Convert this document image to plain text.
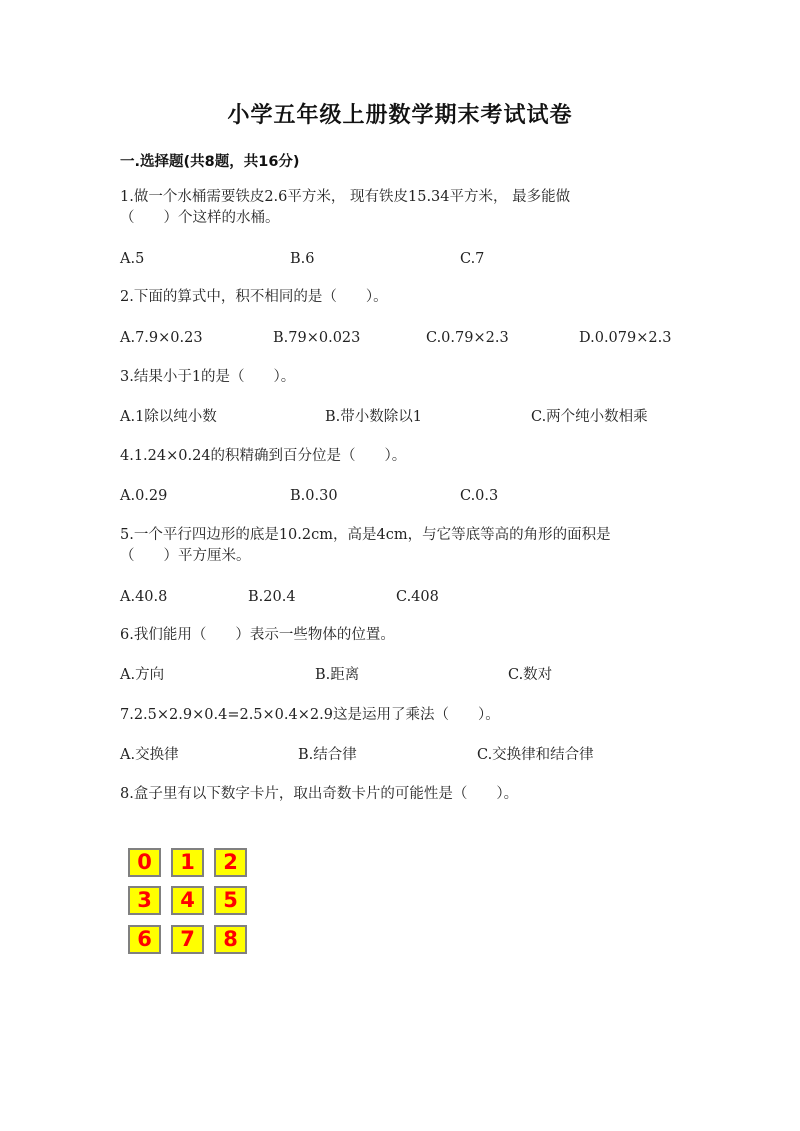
小学五年级上册数学期末考试试卷
一.选择题(共8题，共16分)
1.做一个水桶需要铁皮2.6平方米， 现有铁皮15.34平方米， 最多能做
（　　）个这样的水桶。
A.5	B.6	C.7
2.下面的算式中，积不相同的是（　　）。
A.7.9×0.23	B.79×0.023	C.0.79×2.3	D.0.079×2.3
3.结果小于1的是（　　）。
A.1除以纯小数	B.带小数除以1	C.两个纯小数相乘
4.1.24×0.24的积精确到百分位是（　　）。
A.0.29	B.0.30	C.0.3
5.一个平行四边形的底是10.2cm，高是4cm，与它等底等高的角形的面积是
（　　）平方厘米。
A.40.8	B.20.4	C.408
6.我们能用（　　）表示一些物体的位置。
A.方向	B.距离	C.数对
7.2.5×2.9×0.4=2.5×0.4×2.9这是运用了乘法（　　）。
A.交换律	B.结合律	C.交换律和结合律
8.盒子里有以下数字卡片，取出奇数卡片的可能性是（　　）。
0	1	2
3	4	5
6	7	8
